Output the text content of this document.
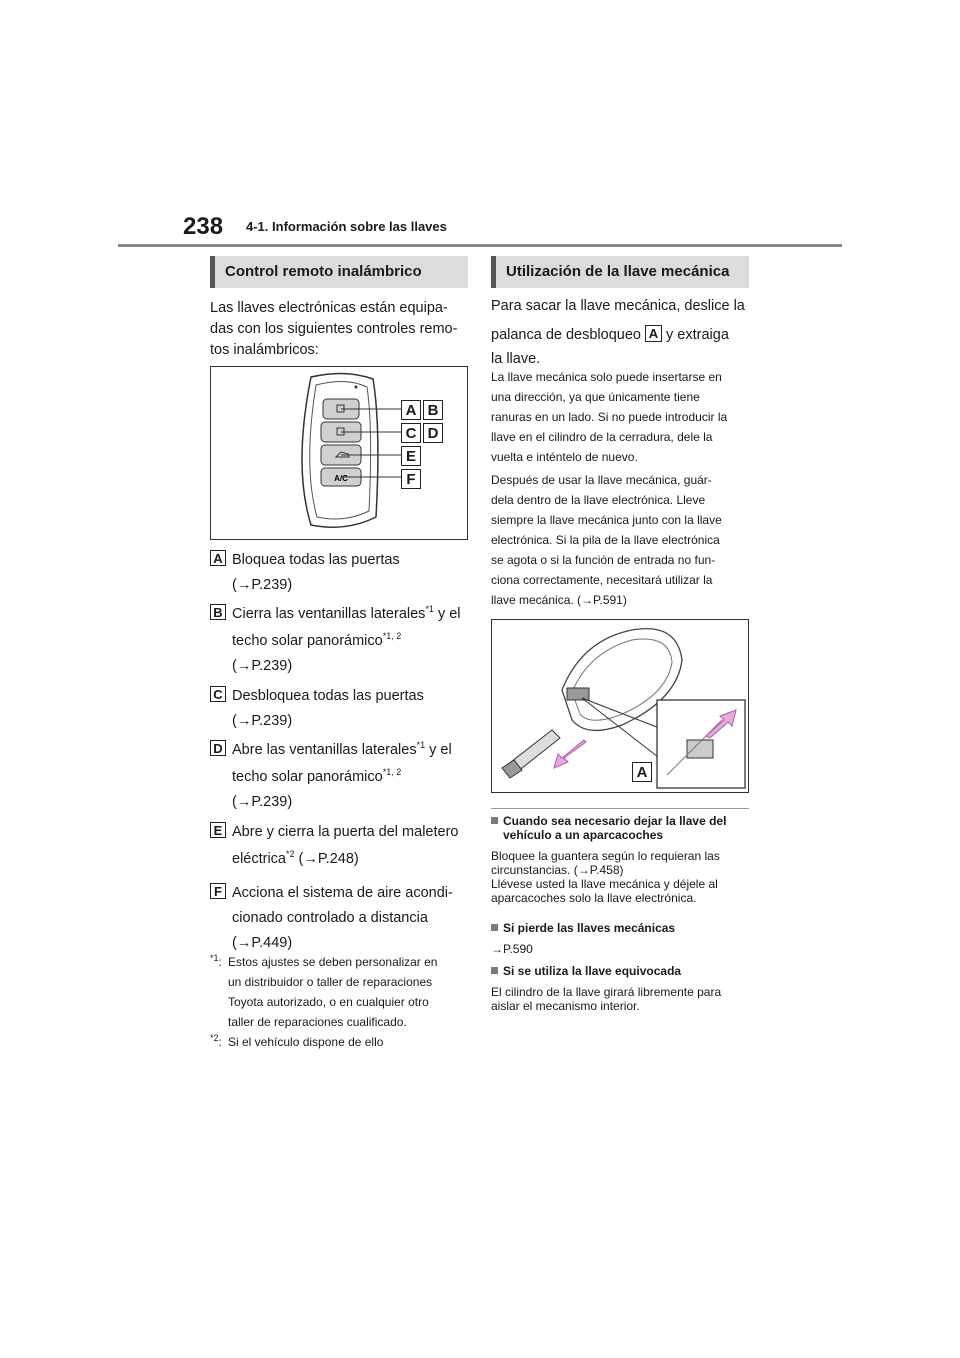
238 4-1. Información sobre las llaves
Control remoto inalámbrico
Las llaves electrónicas están equipa-
das con los siguientes controles remo-
tos inalámbricos:
A/C
A B
C D
E
F
A Bloquea todas las puertas
(→P.239)
B Cierra las ventanillas laterales$^{*1}$ y el
techo solar panorámico$^{*1, 2}$
(→P.239)
C Desbloquea todas las puertas
(→P.239)
D Abre las ventanillas laterales$^{*1}$ y el
techo solar panorámico$^{*1, 2}$
(→P.239)
E Abre y cierra la puerta del maletero
eléctrica$^{*2}$ (→P.248)
F Acciona el sistema de aire acondi-
cionado controlado a distancia
(→P.449)
$^{*1}$: Estos ajustes se deben personalizar en
un distribuidor o taller de reparaciones
Toyota autorizado, o en cualquier otro
taller de reparaciones cualificado.
$^{*2}$: Si el vehículo dispone de ello
Utilización de la llave mecánica
Para sacar la llave mecánica, deslice la
palanca de desbloqueo A y extraiga
la llave.
La llave mecánica solo puede insertarse en
una dirección, ya que únicamente tiene
ranuras en un lado. Si no puede introducir la
llave en el cilindro de la cerradura, dele la
vuelta e inténtelo de nuevo.
Después de usar la llave mecánica, guár-
dela dentro de la llave electrónica. Lleve
siempre la llave mecánica junto con la llave
electrónica. Si la pila de la llave electrónica
se agota o si la función de entrada no fun-
ciona correctamente, necesitará utilizar la
llave mecánica. (→P.591)
A
Cuando sea necesario dejar la llave del
vehículo a un aparcacoches
Bloquee la guantera según lo requieran las
circunstancias. (→P.458)
Llévese usted la llave mecánica y déjele al
aparcacoches solo la llave electrónica.
Si pierde las llaves mecánicas
→P.590
Si se utiliza la llave equivocada
El cilindro de la llave girará libremente para
aislar el mecanismo interior.
